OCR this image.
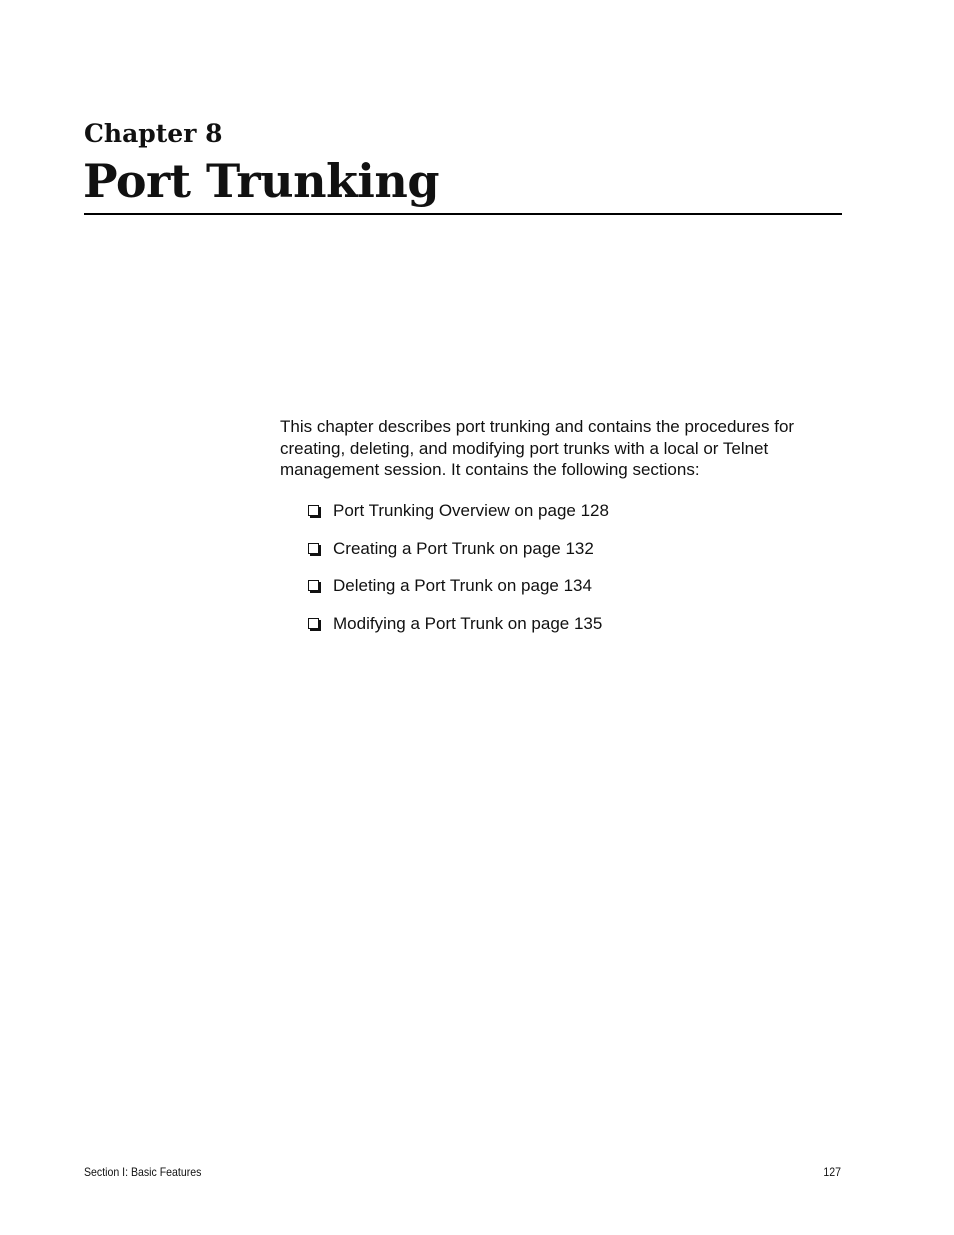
Chapter 8
Port Trunking

This chapter describes port trunking and contains the procedures for creating, deleting, and modifying port trunks with a local or Telnet management session. It contains the following sections:

Port Trunking Overview on page 128
Creating a Port Trunk on page 132
Deleting a Port Trunk on page 134
Modifying a Port Trunk on page 135
Section I: Basic Features	127
